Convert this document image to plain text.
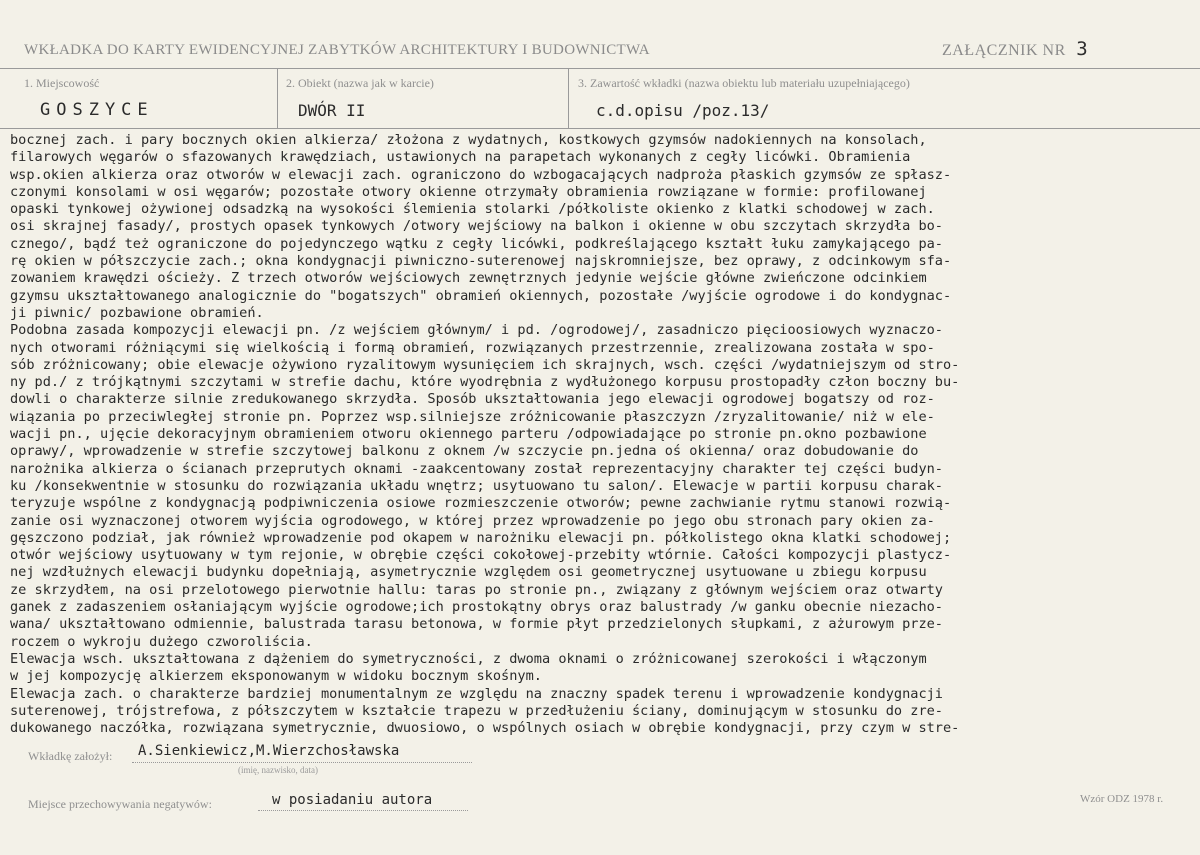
WKŁADKA DO KARTY EWIDENCYJNEJ ZABYTKÓW ARCHITEKTURY I BUDOWNICTWA	ZAŁĄCZNIK NR 3
1. Miejscowość
GOSZYCE
2. Obiekt (nazwa jak w karcie)
DWÓR II
3. Zawartość wkładki (nazwa obiektu lub materiału uzupełniającego)
c.d.opisu /poz.13/
bocznej zach. i pary bocznych okien alkierza/ złożona z wydatnych, kostkowych gzymsów nadokiennych na konsolach,
filarowych węgarów o sfazowanych krawędziach, ustawionych na parapetach wykonanych z cegły licówki. Obramienia
wsp.okien alkierza oraz otworów w elewacji zach. ograniczono do wzbogacających nadproża płaskich gzymsów ze spłasz-
czonymi konsolami w osi węgarów; pozostałe otwory okienne otrzymały obramienia rowziązane w formie: profilowanej
opaski tynkowej ożywionej odsadzką na wysokości ślemienia stolarki /półkoliste okienko z klatki schodowej w zach.
osi skrajnej fasady/, prostych opasek tynkowych /otwory wejściowy na balkon i okienne w obu szczytach skrzydła bo-
cznego/, bądź też ograniczone do pojedynczego wątku z cegły licówki, podkreślającego kształt łuku zamykającego pa-
rę okien w półszczycie zach.; okna kondygnacji piwniczno-suterenowej najskromniejsze, bez oprawy, z odcinkowym sfa-
zowaniem krawędzi ościeży. Z trzech otworów wejściowych zewnętrznych jedynie wejście główne zwieńczone odcinkiem
gzymsu ukształtowanego analogicznie do "bogatszych" obramień okiennych, pozostałe /wyjście ogrodowe i do kondygnac-
ji piwnic/ pozbawione obramień.
Podobna zasada kompozycji elewacji pn. /z wejściem głównym/ i pd. /ogrodowej/, zasadniczo pięcioosiowych wyznaczo-
nych otworami różniącymi się wielkością i formą obramień, rozwiązanych przestrzennie, zrealizowana została w spo-
sób zróżnicowany; obie elewacje ożywiono ryzalitowym wysunięciem ich skrajnych, wsch. części /wydatniejszym od stro-
ny pd./ z trójkątnymi szczytami w strefie dachu, które wyodrębnia z wydłużonego korpusu prostopadły człon boczny bu-
dowli o charakterze silnie zredukowanego skrzydła. Sposób ukształtowania jego elewacji ogrodowej bogatszy od roz-
wiązania po przeciwległej stronie pn. Poprzez wsp.silniejsze zróżnicowanie płaszczyzn /zryzalitowanie/ niż w ele-
wacji pn., ujęcie dekoracyjnym obramieniem otworu okiennego parteru /odpowiadające po stronie pn.okno pozbawione
oprawy/, wprowadzenie w strefie szczytowej balkonu z oknem /w szczycie pn.jedna oś okienna/ oraz dobudowanie do
narożnika alkierza o ścianach przeprutych oknami -zaakcentowany został reprezentacyjny charakter tej części budyn-
ku /konsekwentnie w stosunku do rozwiązania układu wnętrz; usytuowano tu salon/. Elewacje w partii korpusu charak-
teryzuje wspólne z kondygnacją podpiwniczenia osiowe rozmieszczenie otworów; pewne zachwianie rytmu stanowi rozwią-
zanie osi wyznaczonej otworem wyjścia ogrodowego, w której przez wprowadzenie po jego obu stronach pary okien za-
gęszczono podział, jak również wprowadzenie pod okapem w narożniku elewacji pn. półkolistego okna klatki schodowej;
otwór wejściowy usytuowany w tym rejonie, w obrębie części cokołowej-przebity wtórnie. Całości kompozycji plastycz-
nej wzdłużnych elewacji budynku dopełniają, asymetrycznie względem osi geometrycznej usytuowane u zbiegu korpusu
ze skrzydłem, na osi przelotowego pierwotnie hallu: taras po stronie pn., związany z głównym wejściem oraz otwarty
ganek z zadaszeniem osłaniającym wyjście ogrodowe;ich prostokątny obrys oraz balustrady /w ganku obecnie niezacho-
wana/ ukształtowano odmiennie, balustrada tarasu betonowa, w formie płyt przedzielonych słupkami, z ażurowym prze-
roczem o wykroju dużego czworoliścia.
Elewacja wsch. ukształtowana z dążeniem do symetryczności, z dwoma oknami o zróżnicowanej szerokości i włączonym
w jej kompozycję alkierzem eksponowanym w widoku bocznym skośnym.
Elewacja zach. o charakterze bardziej monumentalnym ze względu na znaczny spadek terenu i wprowadzenie kondygnacji
suterenowej, trójstrefowa, z półszczytem w kształcie trapezu w przedłużeniu ściany, dominującym w stosunku do zre-
dukowanego naczółka, rozwiązana symetrycznie, dwuosiowo, o wspólnych osiach w obrębie kondygnacji, przy czym w stre-
Wkładkę założył: A.Sienkiewicz,M.Wierzchosławska
(imię, nazwisko, data)
Miejsce przechowywania negatywów:	w posiadaniu autora	Wzór ODZ 1978 r.
